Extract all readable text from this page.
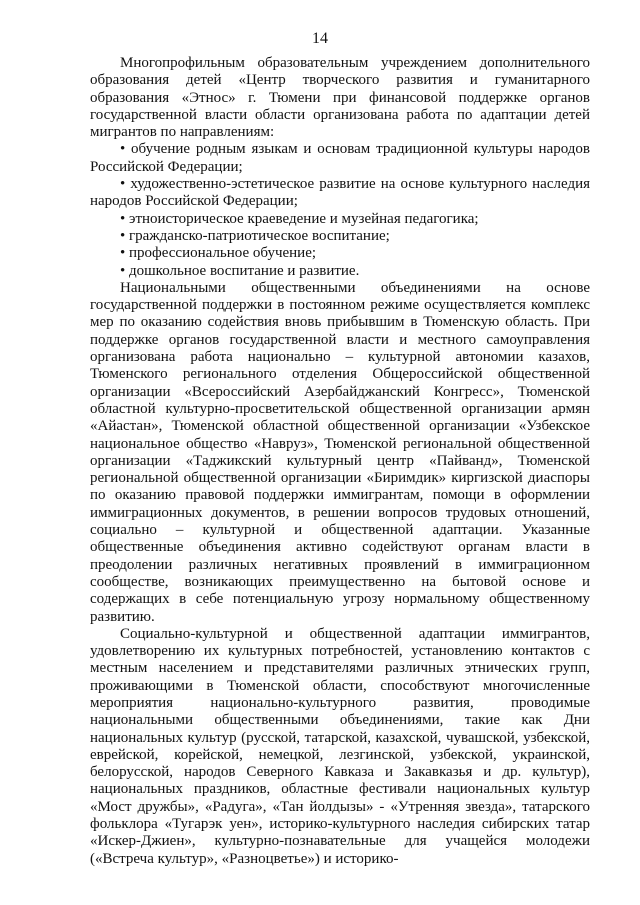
14

Многопрофильным образовательным учреждением дополнительного образования детей «Центр творческого развития и гуманитарного образования «Этнос» г. Тюмени при финансовой поддержке органов государственной власти области организована работа по адаптации детей мигрантов по направлениям:

• обучение родным языкам и основам традиционной культуры народов Российской Федерации;
• художественно-эстетическое развитие на основе культурного наследия народов Российской Федерации;
• этноисторическое краеведение и музейная педагогика;
• гражданско-патриотическое воспитание;
• профессиональное обучение;
• дошкольное воспитание и развитие.

Национальными общественными объединениями на основе государственной поддержки в постоянном режиме осуществляется комплекс мер по оказанию содействия вновь прибывшим в Тюменскую область. При поддержке органов государственной власти и местного самоуправления организована работа национально – культурной автономии казахов, Тюменского регионального отделения Общероссийской общественной организации «Всероссийский Азербайджанский Конгресс», Тюменской областной культурно-просветительской общественной организации армян «Айастан», Тюменской областной общественной организации «Узбекское национальное общество «Навруз», Тюменской региональной общественной организации «Таджикский культурный центр «Пайванд», Тюменской региональной общественной организации «Биримдик» киргизской диаспоры по оказанию правовой поддержки иммигрантам, помощи в оформлении иммиграционных документов, в решении вопросов трудовых отношений, социально – культурной и общественной адаптации. Указанные общественные объединения активно содействуют органам власти в преодолении различных негативных проявлений в иммиграционном сообществе, возникающих преимущественно на бытовой основе и содержащих в себе потенциальную угрозу нормальному общественному развитию.

Социально-культурной и общественной адаптации иммигрантов, удовлетворению их культурных потребностей, установлению контактов с местным населением и представителями различных этнических групп, проживающими в Тюменской области, способствуют многочисленные мероприятия национально-культурного развития, проводимые национальными общественными объединениями, такие как Дни национальных культур (русской, татарской, казахской, чувашской, узбекской, еврейской, корейской, немецкой, лезгинской, узбекской, украинской, белорусской, народов Северного Кавказа и Закавказья и др. культур), национальных праздников, областные фестивали национальных культур «Мост дружбы», «Радуга», «Тан йолдызы» - «Утренняя звезда», татарского фольклора «Тугарэк уен», историко-культурного наследия сибирских татар «Искер-Джиен», культурно-познавательные для учащейся молодежи («Встреча культур», «Разноцветье») и историко-
